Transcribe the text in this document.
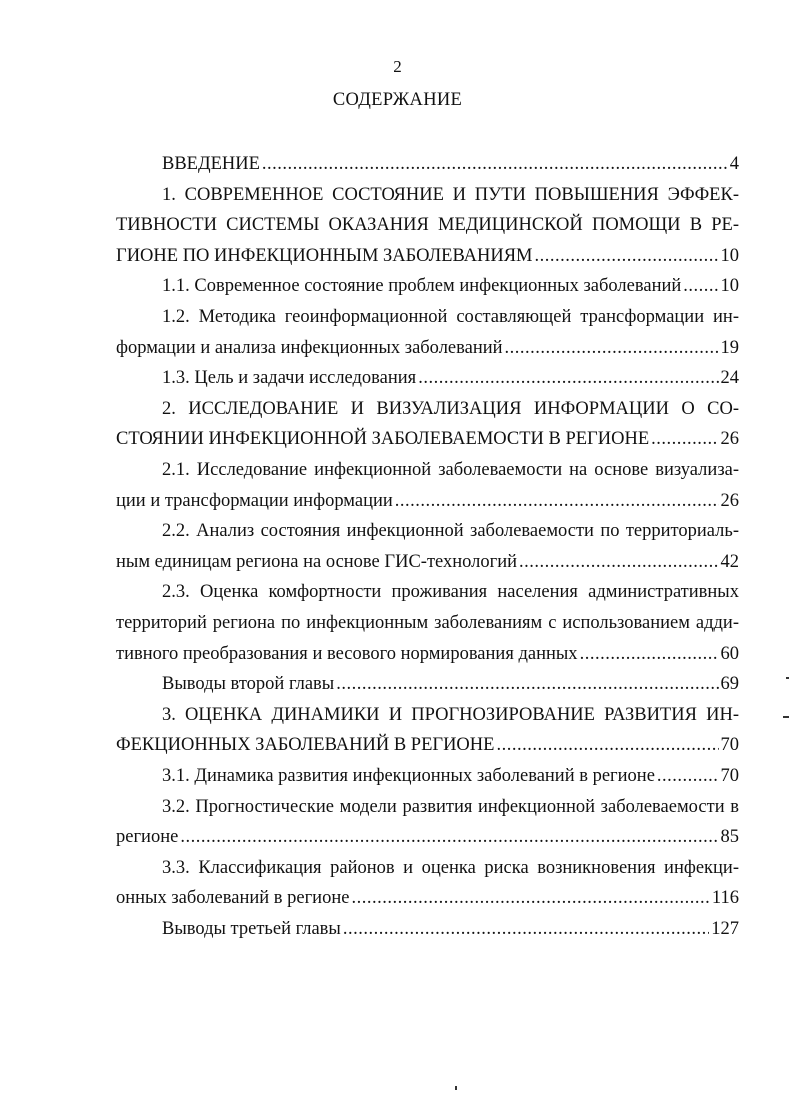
2
СОДЕРЖАНИЕ
ВВЕДЕНИЕ .....	4
1. СОВРЕМЕННОЕ СОСТОЯНИЕ И ПУТИ ПОВЫШЕНИЯ ЭФФЕК-
ТИВНОСТИ СИСТЕМЫ ОКАЗАНИЯ МЕДИЦИНСКОЙ ПОМОЩИ В РЕ-
ГИОНЕ ПО ИНФЕКЦИОННЫМ ЗАБОЛЕВАНИЯМ .....	10
1.1. Современное состояние проблем инфекционных заболеваний ..... 10
1.2. Методика геоинформационной составляющей трансформации ин-
формации и анализа инфекционных заболеваний .....	19
1.3. Цель и задачи исследования .....	24
2. ИССЛЕДОВАНИЕ И ВИЗУАЛИЗАЦИЯ ИНФОРМАЦИИ О СО-
СТОЯНИИ ИНФЕКЦИОННОЙ ЗАБОЛЕВАЕМОСТИ В РЕГИОНЕ .....	26
2.1. Исследование инфекционной заболеваемости на основе визуализа-
ции и трансформации информации .....	26
2.2. Анализ состояния инфекционной заболеваемости по территориаль-
ным единицам региона на основе ГИС-технологий .....	42
2.3. Оценка комфортности проживания населения административных
территорий региона по инфекционным заболеваниям с использованием адди-
тивного преобразования и весового нормирования данных .....	60
Выводы второй главы .....	69
3. ОЦЕНКА ДИНАМИКИ И ПРОГНОЗИРОВАНИЕ РАЗВИТИЯ ИН-
ФЕКЦИОННЫХ ЗАБОЛЕВАНИЙ В РЕГИОНЕ .....	70
3.1. Динамика развития инфекционных заболеваний в регионе .....	70
3.2. Прогностические модели развития инфекционной заболеваемости в
регионе .....	85
3.3. Классификация районов и оценка риска возникновения инфекци-
онных заболеваний в регионе .....	116
Выводы третьей главы .....	127
